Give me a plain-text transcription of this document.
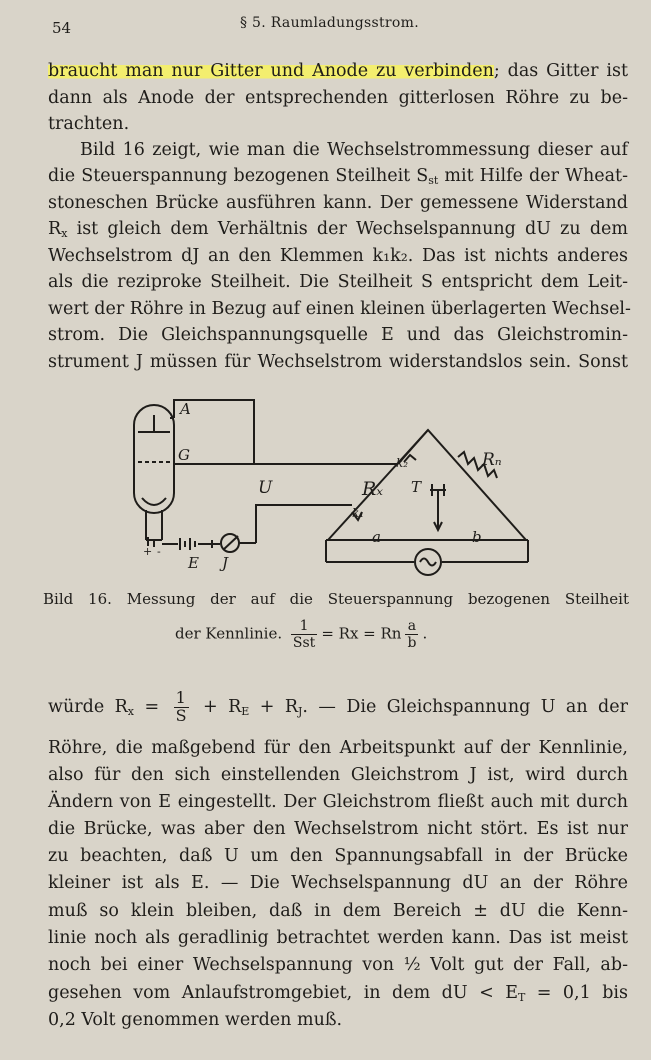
54	§ 5. Raumladungsstrom.
braucht man nur Gitter und Anode zu verbinden; das Gitter ist
dann als Anode der entsprechenden gitterlosen Röhre zu be-
trachten.
Bild 16 zeigt, wie man die Wechselstrommessung dieser auf
die Steuerspannung bezogenen Steilheit $S_{st}$ mit Hilfe der Wheat-
stoneschen Brücke ausführen kann. Der gemessene Widerstand
$R_x$ ist gleich dem Verhältnis der Wechselspannung dU zu dem
Wechselstrom dJ an den Klemmen k₁k₂. Das ist nichts anderes
als die reziproke Steilheit. Die Steilheit S entspricht dem Leit-
wert der Röhre in Bezug auf einen kleinen überlagerten Wechsel-
strom. Die Gleichspannungsquelle E und das Gleichstromin-
strument J müssen für Wechselstrom widerstandslos sein. Sonst
A
G
U	Rₓ T
k₂
k₁
Rₙ
a	b
E J
+ -
Bild 16. Messung der auf die Steuerspannung bezogenen Steilheit
der Kennlinie. $\frac{1}{\text{Sst}} = Rx = Rn \frac{a}{b}$ .
würde $R_x = \frac{1}{S} + R_E + R_J$. — Die Gleichspannung U an der
Röhre, die maßgebend für den Arbeitspunkt auf der Kennlinie,
also für den sich einstellenden Gleichstrom J ist, wird durch
Ändern von E eingestellt. Der Gleichstrom fließt auch mit durch
die Brücke, was aber den Wechselstrom nicht stört. Es ist nur
zu beachten, daß U um den Spannungsabfall in der Brücke
kleiner ist als E. — Die Wechselspannung dU an der Röhre
muß so klein bleiben, daß in dem Bereich ± dU die Kenn-
linie noch als geradlinig betrachtet werden kann. Das ist meist
noch bei einer Wechselspannung von ½ Volt gut der Fall, ab-
gesehen vom Anlaufstromgebiet, in dem dU < $E_T = 0,1$ bis
0,2 Volt genommen werden muß.
